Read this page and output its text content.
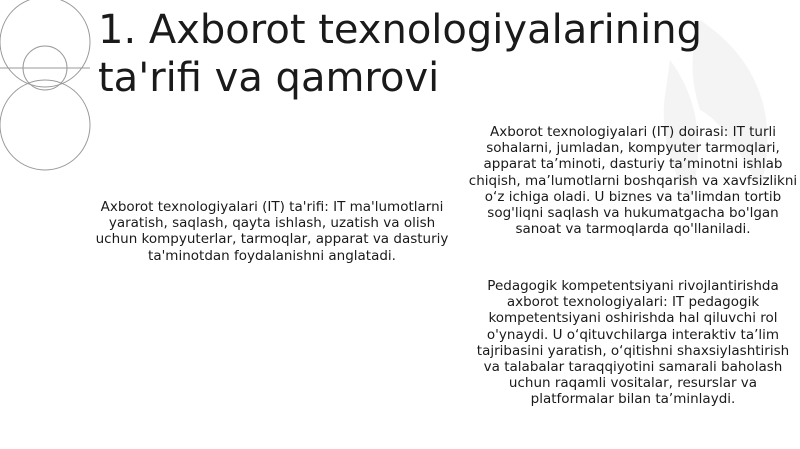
1. Axborot texnologiyalarining ta'rifi va qamrovi

Axborot texnologiyalari (IT) ta'rifi: IT ma'lumotlarni yaratish, saqlash, qayta ishlash, uzatish va olish uchun kompyuterlar, tarmoqlar, apparat va dasturiy ta'minotdan foydalanishni anglatadi.

Axborot texnologiyalari (IT) doirasi: IT turli sohalarni, jumladan, kompyuter tarmoqlari, apparat ta’minoti, dasturiy ta’minotni ishlab chiqish, ma’lumotlarni boshqarish va xavfsizlikni o‘z ichiga oladi. U biznes va ta'limdan tortib sog'liqni saqlash va hukumatgacha bo'lgan sanoat va tarmoqlarda qo'llaniladi.

Pedagogik kompetentsiyani rivojlantirishda axborot texnologiyalari: IT pedagogik kompetentsiyani oshirishda hal qiluvchi rol o'ynaydi. U o‘qituvchilarga interaktiv ta’lim tajribasini yaratish, o‘qitishni shaxsiylashtirish va talabalar taraqqiyotini samarali baholash uchun raqamli vositalar, resurslar va platformalar bilan ta’minlaydi.
